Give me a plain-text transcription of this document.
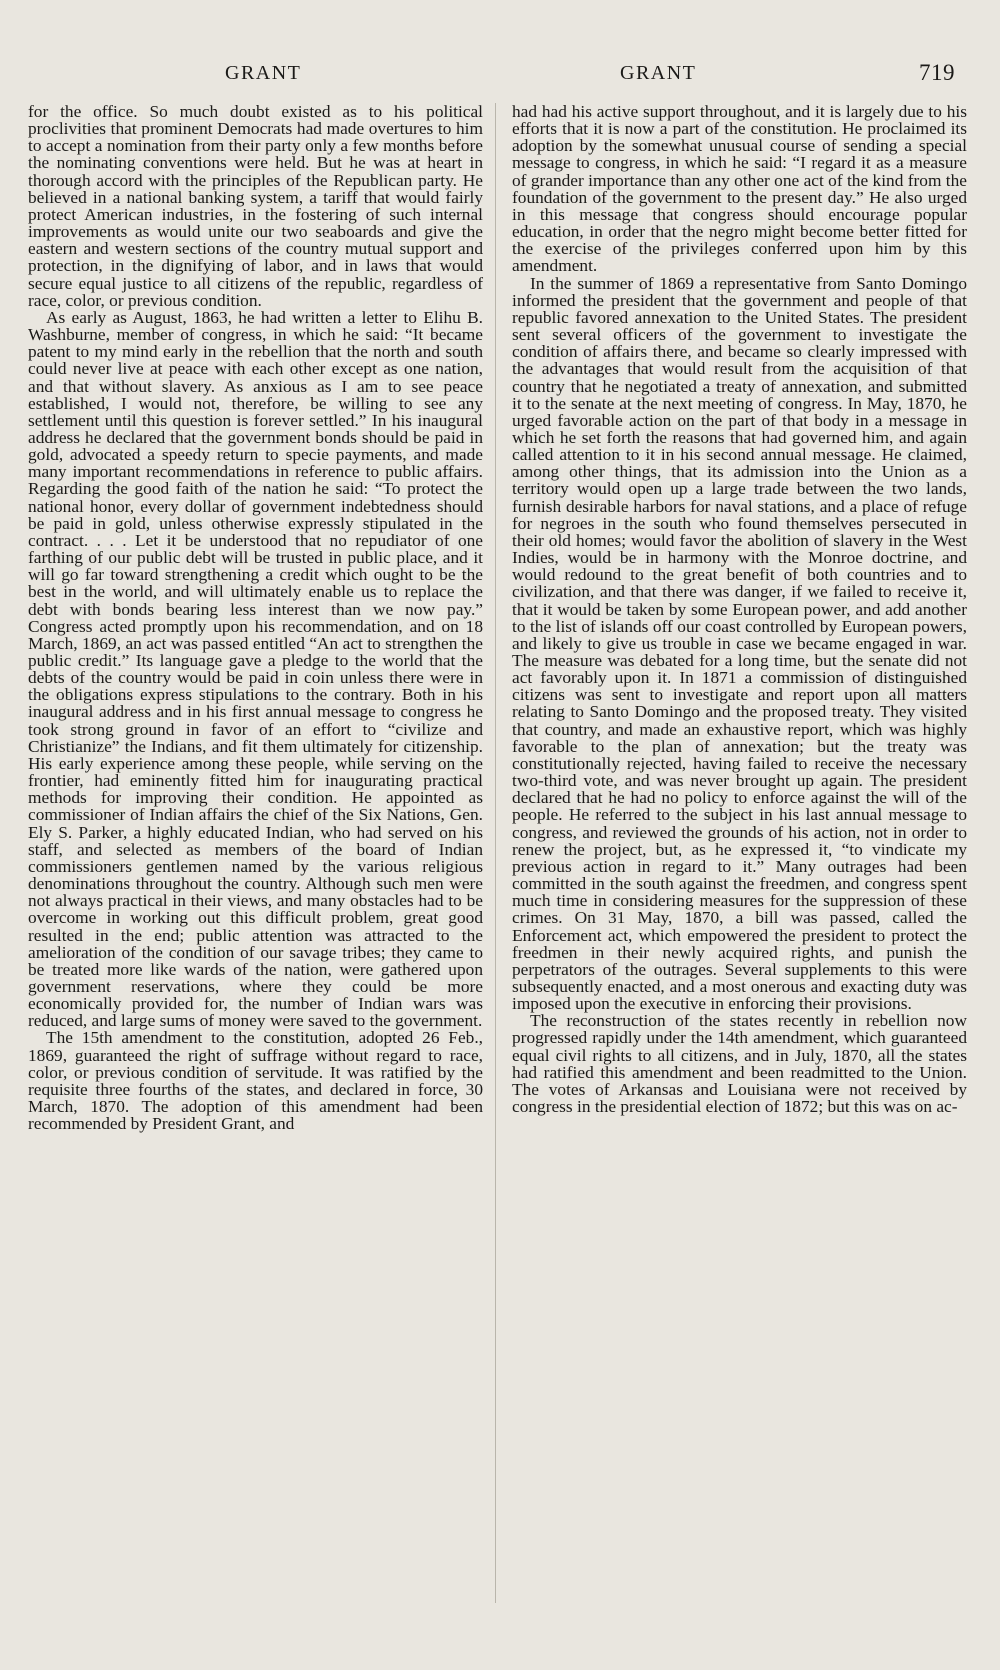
GRANT	GRANT	719

for the office. So much doubt existed as to his political proclivities that prominent Democrats had made overtures to him to accept a nomination from their party only a few months before the nominating conventions were held. But he was at heart in thorough accord with the principles of the Republican party. He believed in a national banking system, a tariff that would fairly protect American industries, in the fostering of such internal improvements as would unite our two seaboards and give the eastern and western sections of the country mutual support and protection, in the dignifying of labor, and in laws that would secure equal justice to all citizens of the republic, regardless of race, color, or previous condition.

As early as August, 1863, he had written a letter to Elihu B. Washburne, member of congress, in which he said: “It became patent to my mind early in the rebellion that the north and south could never live at peace with each other except as one nation, and that without slavery. As anxious as I am to see peace established, I would not, therefore, be willing to see any settlement until this question is forever settled.” In his inaugural address he declared that the government bonds should be paid in gold, advocated a speedy return to specie payments, and made many important recommendations in reference to public affairs. Regarding the good faith of the nation he said: “To protect the national honor, every dollar of government indebtedness should be paid in gold, unless otherwise expressly stipulated in the contract. . . . Let it be understood that no repudiator of one farthing of our public debt will be trusted in public place, and it will go far toward strengthening a credit which ought to be the best in the world, and will ultimately enable us to replace the debt with bonds bearing less interest than we now pay.” Congress acted promptly upon his recommendation, and on 18 March, 1869, an act was passed entitled “An act to strengthen the public credit.” Its language gave a pledge to the world that the debts of the country would be paid in coin unless there were in the obligations express stipulations to the contrary. Both in his inaugural address and in his first annual message to congress he took strong ground in favor of an effort to “civilize and Christianize” the Indians, and fit them ultimately for citizenship. His early experience among these people, while serving on the frontier, had eminently fitted him for inaugurating practical methods for improving their condition. He appointed as commissioner of Indian affairs the chief of the Six Nations, Gen. Ely S. Parker, a highly educated Indian, who had served on his staff, and selected as members of the board of Indian commissioners gentlemen named by the various religious denominations throughout the country. Although such men were not always practical in their views, and many obstacles had to be overcome in working out this difficult problem, great good resulted in the end; public attention was attracted to the amelioration of the condition of our savage tribes; they came to be treated more like wards of the nation, were gathered upon government reservations, where they could be more economically provided for, the number of Indian wars was reduced, and large sums of money were saved to the government.

The 15th amendment to the constitution, adopted 26 Feb., 1869, guaranteed the right of suffrage without regard to race, color, or previous condition of servitude. It was ratified by the requisite three fourths of the states, and declared in force, 30 March, 1870. The adoption of this amendment had been recommended by President Grant, and

had had his active support throughout, and it is largely due to his efforts that it is now a part of the constitution. He proclaimed its adoption by the somewhat unusual course of sending a special message to congress, in which he said: “I regard it as a measure of grander importance than any other one act of the kind from the foundation of the government to the present day.” He also urged in this message that congress should encourage popular education, in order that the negro might become better fitted for the exercise of the privileges conferred upon him by this amendment.

In the summer of 1869 a representative from Santo Domingo informed the president that the government and people of that republic favored annexation to the United States. The president sent several officers of the government to investigate the condition of affairs there, and became so clearly impressed with the advantages that would result from the acquisition of that country that he negotiated a treaty of annexation, and submitted it to the senate at the next meeting of congress. In May, 1870, he urged favorable action on the part of that body in a message in which he set forth the reasons that had governed him, and again called attention to it in his second annual message. He claimed, among other things, that its admission into the Union as a territory would open up a large trade between the two lands, furnish desirable harbors for naval stations, and a place of refuge for negroes in the south who found themselves persecuted in their old homes; would favor the abolition of slavery in the West Indies, would be in harmony with the Monroe doctrine, and would redound to the great benefit of both countries and to civilization, and that there was danger, if we failed to receive it, that it would be taken by some European power, and add another to the list of islands off our coast controlled by European powers, and likely to give us trouble in case we became engaged in war. The measure was debated for a long time, but the senate did not act favorably upon it. In 1871 a commission of distinguished citizens was sent to investigate and report upon all matters relating to Santo Domingo and the proposed treaty. They visited that country, and made an exhaustive report, which was highly favorable to the plan of annexation; but the treaty was constitutionally rejected, having failed to receive the necessary two-third vote, and was never brought up again. The president declared that he had no policy to enforce against the will of the people. He referred to the subject in his last annual message to congress, and reviewed the grounds of his action, not in order to renew the project, but, as he expressed it, “to vindicate my previous action in regard to it.” Many outrages had been committed in the south against the freedmen, and congress spent much time in considering measures for the suppression of these crimes. On 31 May, 1870, a bill was passed, called the Enforcement act, which empowered the president to protect the freedmen in their newly acquired rights, and punish the perpetrators of the outrages. Several supplements to this were subsequently enacted, and a most onerous and exacting duty was imposed upon the executive in enforcing their provisions.

The reconstruction of the states recently in rebellion now progressed rapidly under the 14th amendment, which guaranteed equal civil rights to all citizens, and in July, 1870, all the states had ratified this amendment and been readmitted to the Union. The votes of Arkansas and Louisiana were not received by congress in the presidential election of 1872; but this was on ac-
